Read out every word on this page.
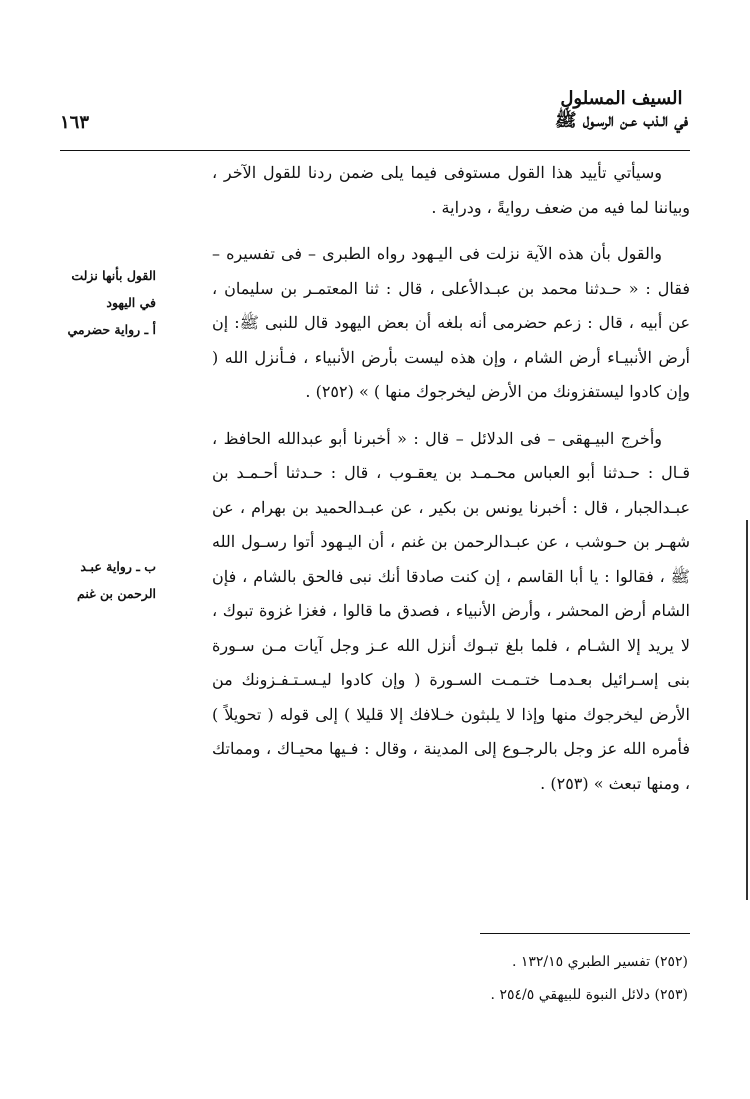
السيف المسلول
في الـذب عـن الرسـول ﷺ
١٦٣

وسيأتي تأييد هذا القول مستوفى فيما يلى ضمن ردنا للقول الآخر ، وبياننا لما فيه من ضعف روايةً ، ودراية .

والقول بأن هذه الآية نزلت فى اليـهود رواه الطبرى – فى تفسيره – فقال : « حـدثنا محمد بن عبـدالأعلى ، قال : ثنا المعتمـر بن سليمان ، عن أبيه ، قال : زعم حضرمى أنه بلغه أن بعض اليهود قال للنبى ﷺ: إن أرض الأنبيـاء أرض الشام ، وإن هذه ليست بأرض الأنبياء ، فـأنزل الله ( وإن كادوا ليستفزونك من الأرض ليخرجوك منها ) » (٢٥٢) .

وأخرج البيـهقى – فى الدلائل – قال : « أخبرنا أبو عبدالله الحافظ ، قـال : حـدثنا أبو العباس محـمـد بن يعقـوب ، قال : حـدثنا أحـمـد بن عبـدالجبار ، قال : أخبرنا يونس بن بكير ، عن عبـدالحميد بن بهرام ، عن شهـر بن حـوشب ، عن عبـدالرحمن بن غنم ، أن اليـهود أتوا رسـول الله ﷺ ، فقالوا : يا أبا القاسم ، إن كنت صادقا أنك نبى فالحق بالشام ، فإن الشام أرض المحشر ، وأرض الأنبياء ، فصدق ما قالوا ، فغزا غزوة تبوك ، لا يريد إلا الشـام ، فلما بلغ تبـوك أنزل الله عـز وجل آيات مـن سـورة بنى إسـرائيل بعـدمـا ختـمـت السـورة ( وإن كادوا ليـسـتـفـزونك من الأرض ليخرجوك منها وإذا لا يلبثون خـلافك إلا قليلا ) إلى قوله ( تحويلاً ) فأمره الله عز وجل بالرجـوع إلى المدينة ، وقال : فـيها محيـاك ، ومماتك ، ومنها تبعث » (٢٥٣) .

القول بأنها نزلت
في اليهود
أ ـ رواية حضرمي
ب ـ رواية عبـد
الرحمن بن غنم
(٢٥٢) تفسير الطبري ١٣٢/١٥ .
(٢٥٣) دلائل النبوة للبيهقي ٢٥٤/٥ .
